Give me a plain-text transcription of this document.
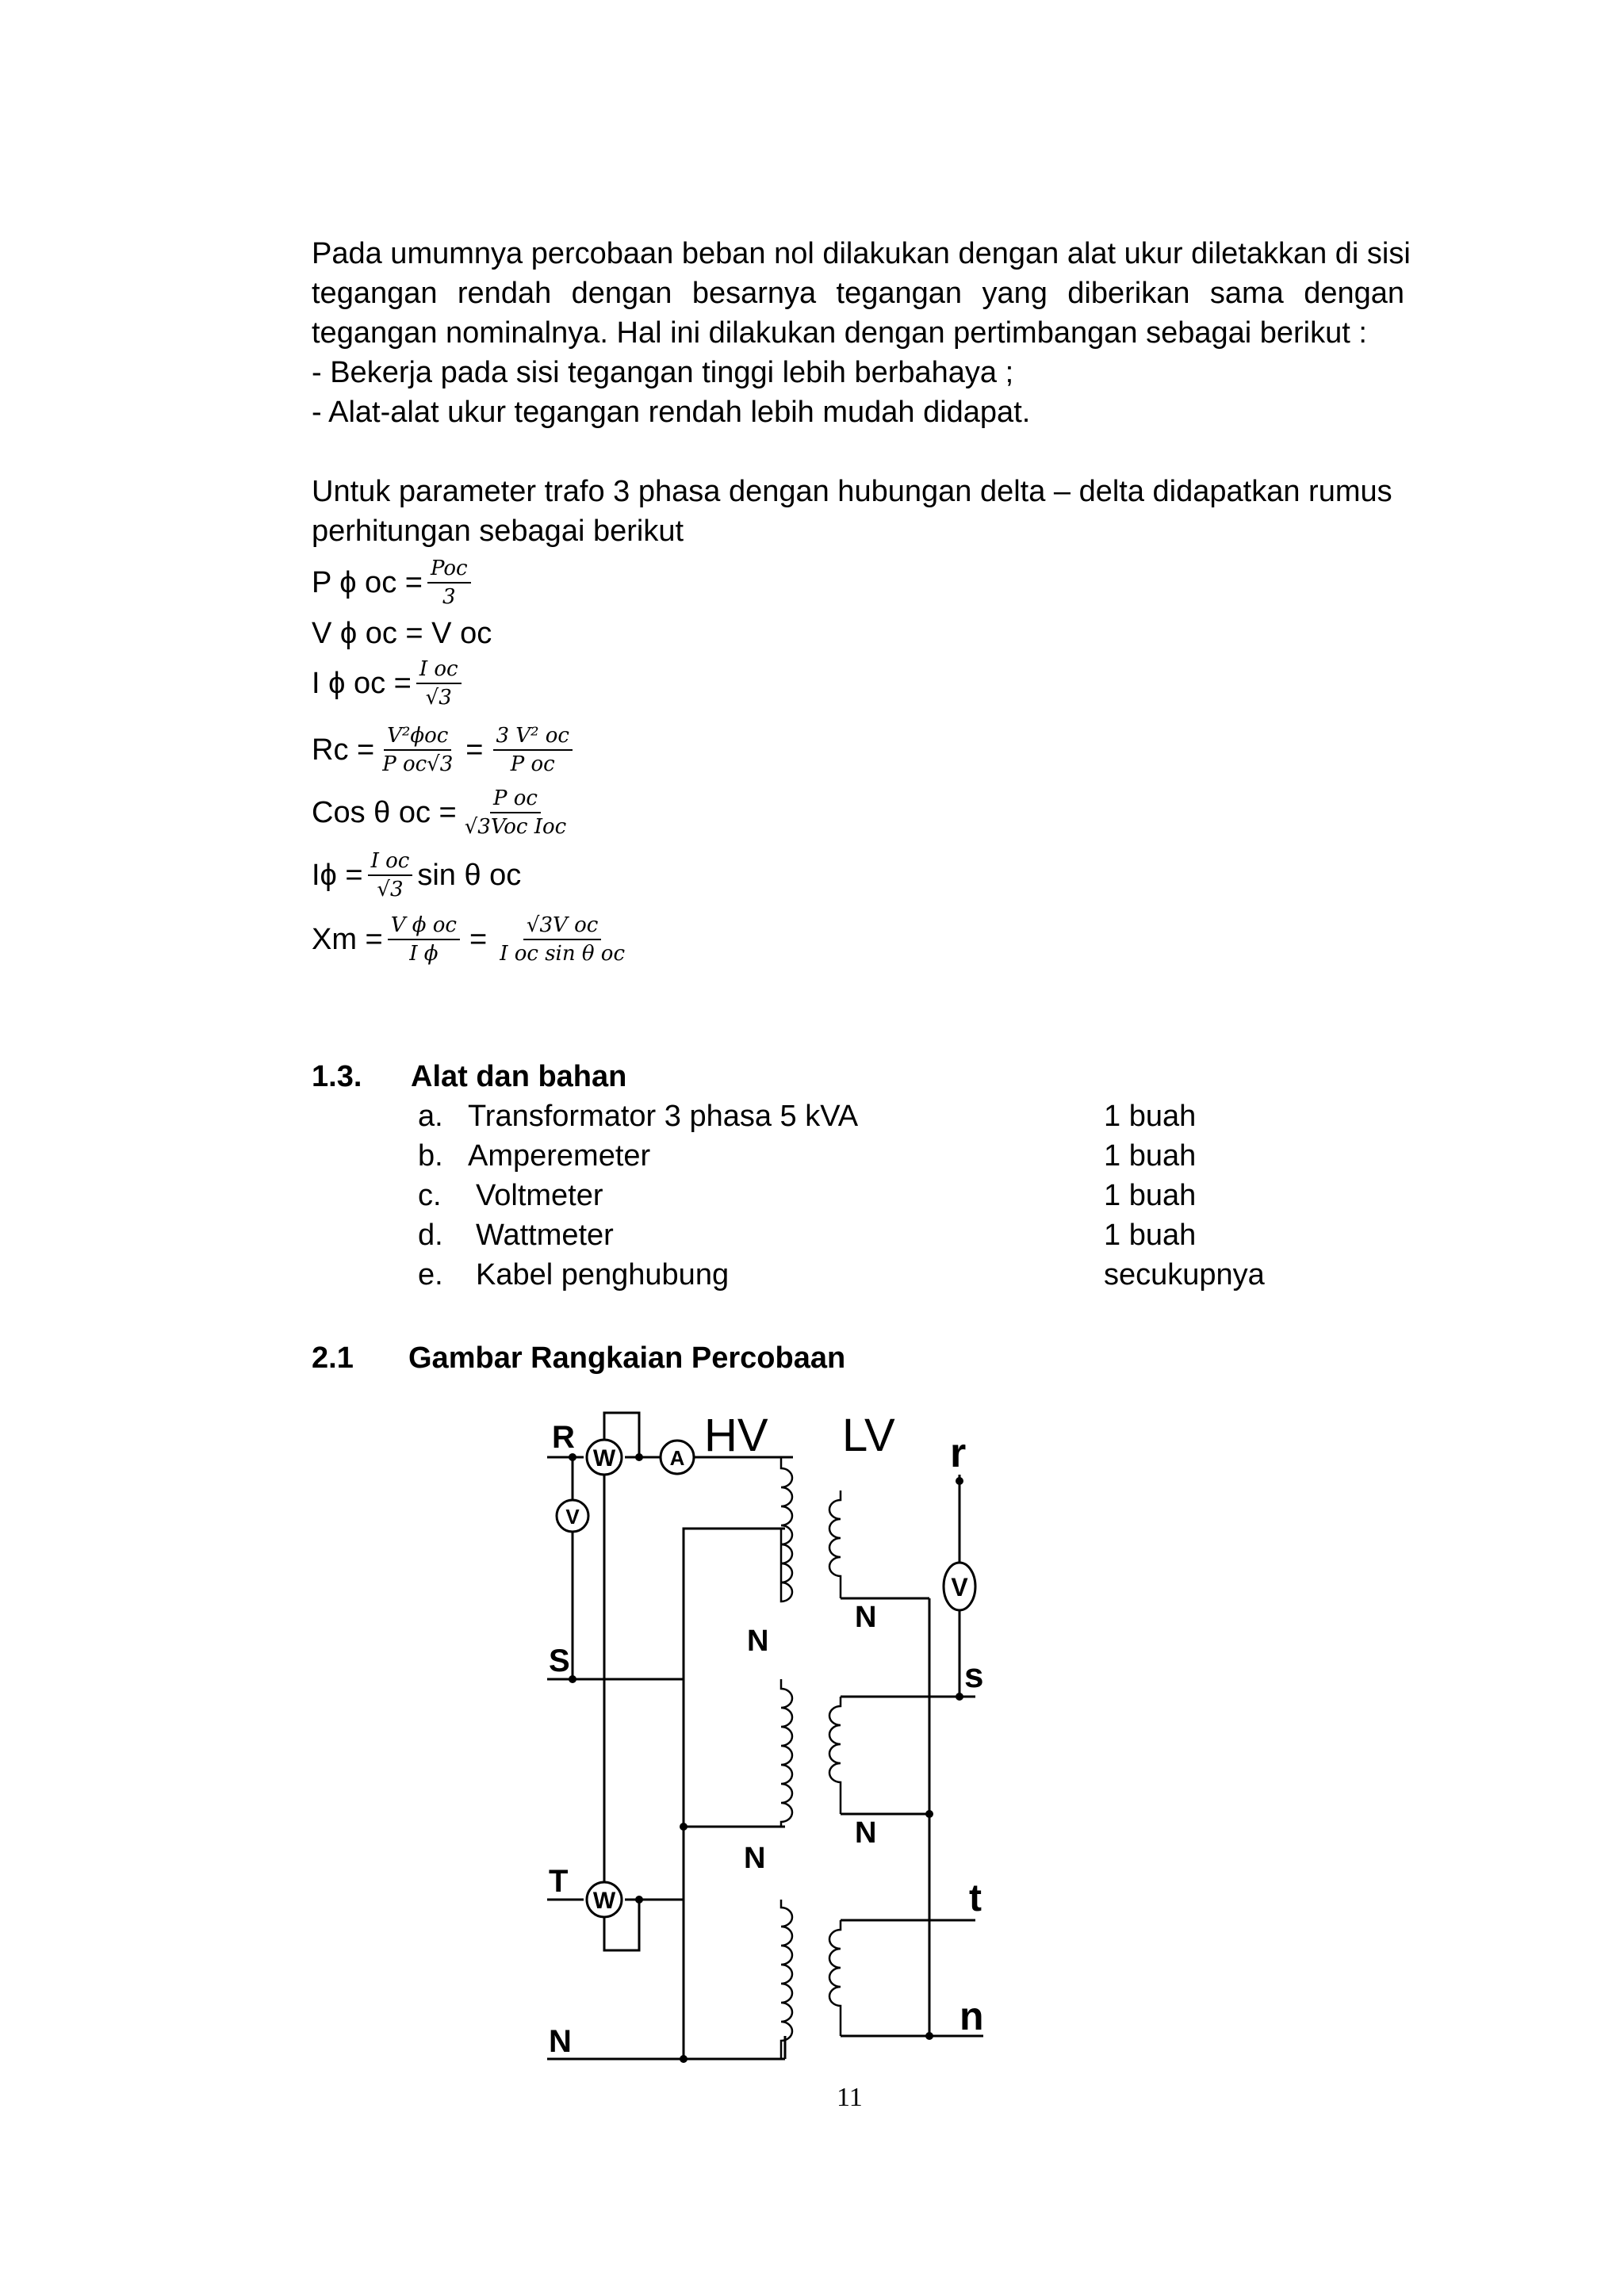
Pada umumnya percobaan beban nol dilakukan dengan alat ukur diletakkan di sisi
tegangan rendah dengan besarnya tegangan yang diberikan sama dengan
tegangan nominalnya. Hal ini dilakukan dengan pertimbangan sebagai berikut :
- Bekerja pada sisi tegangan tinggi lebih berbahaya ;
- Alat-alat ukur tegangan rendah lebih mudah didapat.
Untuk parameter trafo 3 phasa dengan hubungan delta – delta didapatkan rumus
perhitungan sebagai berikut
P ϕ oc = $\frac{\text{Poc}}{3}$
V ϕ oc = V oc
I ϕ oc = $\frac{\text{I oc}}{√3}$
$Rc = \frac{\text{V²ϕoc}}{\text{P oc√3}} = \frac{\text{3 V² oc}}{\text{P oc}}$
Cos θ oc = $\frac{\text{P oc}}{\text{√3Voc Ioc}}$
$I\phi = \frac{\text{I oc}}{√3}$ sin θ oc
$Xm = \frac{\text{V ϕ oc}}{\text{I ϕ}} = \frac{\text{√3V oc}}{\text{I oc sin θ oc}}$
1.3. Alat dan bahan
a. Transformator 3 phasa 5 kVA	1 buah
b. Amperemeter	1 buah
c. Voltmeter	1 buah
d. Wattmeter	1 buah
e. Kabel penghubung	secukupnya
2.1 Gambar Rangkaian Percobaan
W	A
V
W
V
HV LV
R
S
T
N
r
s
t
n
N
N
N
N
11
